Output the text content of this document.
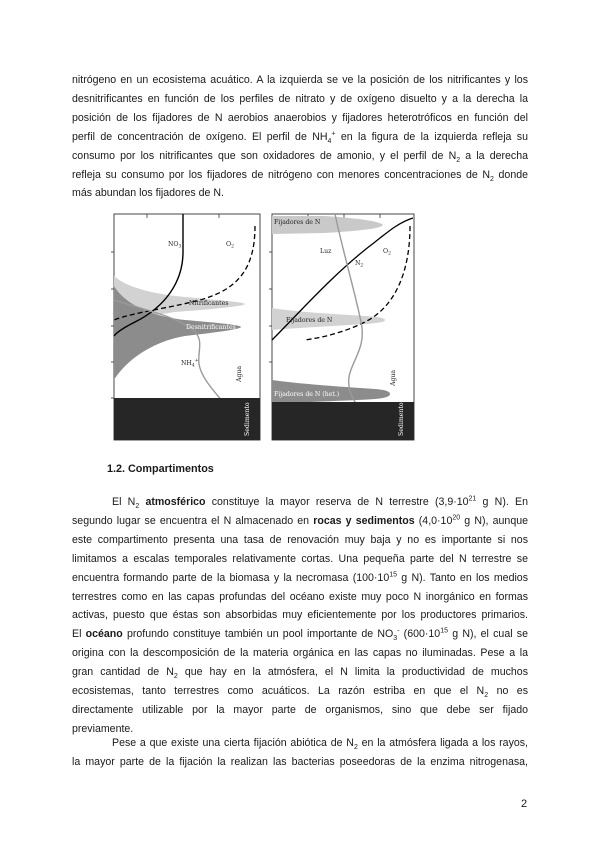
nitrógeno en un ecosistema acuático. A la izquierda se ve la posición de los nitrificantes y los
desnitrificantes en función de los perfiles de nitrato y de oxígeno disuelto y a la derecha la
posición de los fijadores de N aerobios anaerobios y fijadores heterotróficos en función del
perfil de concentración de oxígeno. El perfil de $NH_4^+$ en la figura de la izquierda refleja su
consumo por los nitrificantes que son oxidadores de amonio, y el perfil de $N_2$ a la derecha
refleja su consumo por los fijadores de nitrógeno con menores concentraciones de $N_2$ donde
más abundan los fijadores de N.
$NO_3$	$O_2$
Nitrificantes
Desnitrificantes
$NH_4^+$
Agua
Sedimento
Fijadores de N
Luz
$N_2$
$O_2$
Fijadores de N
Fijadores de N (het.)
Agua
Sedimento

1.2. Compartimentos

El $N_2$ atmosférico constituye la mayor reserva de N terrestre ($3,9\cdot 10^{21}$ g N). En
segundo lugar se encuentra el N almacenado en rocas y sedimentos ($4,0\cdot 10^{20}$ g N), aunque
este compartimento presenta una tasa de renovación muy baja y no es importante si nos
limitamos a escalas temporales relativamente cortas. Una pequeña parte del N terrestre se
encuentra formando parte de la biomasa y la necromasa ($100\cdot 10^{15}$ g N). Tanto en los medios
terrestres como en las capas profundas del océano existe muy poco N inorgánico en formas
activas, puesto que éstas son absorbidas muy eficientemente por los productores primarios.
El océano profundo constituye también un pool importante de $NO_3^-$ ($600\cdot 10^{15}$ g N), el cual se
origina con la descomposición de la materia orgánica en las capas no iluminadas. Pese a la
gran cantidad de $N_2$ que hay en la atmósfera, el N limita la productividad de muchos
ecosistemas, tanto terrestres como acuáticos. La razón estriba en que el $N_2$ no es
directamente utilizable por la mayor parte de organismos, sino que debe ser fijado
previamente.
Pese a que existe una cierta fijación abiótica de $N_2$ en la atmósfera ligada a los rayos,
la mayor parte de la fijación la realizan las bacterias poseedoras de la enzima nitrogenasa,

2
